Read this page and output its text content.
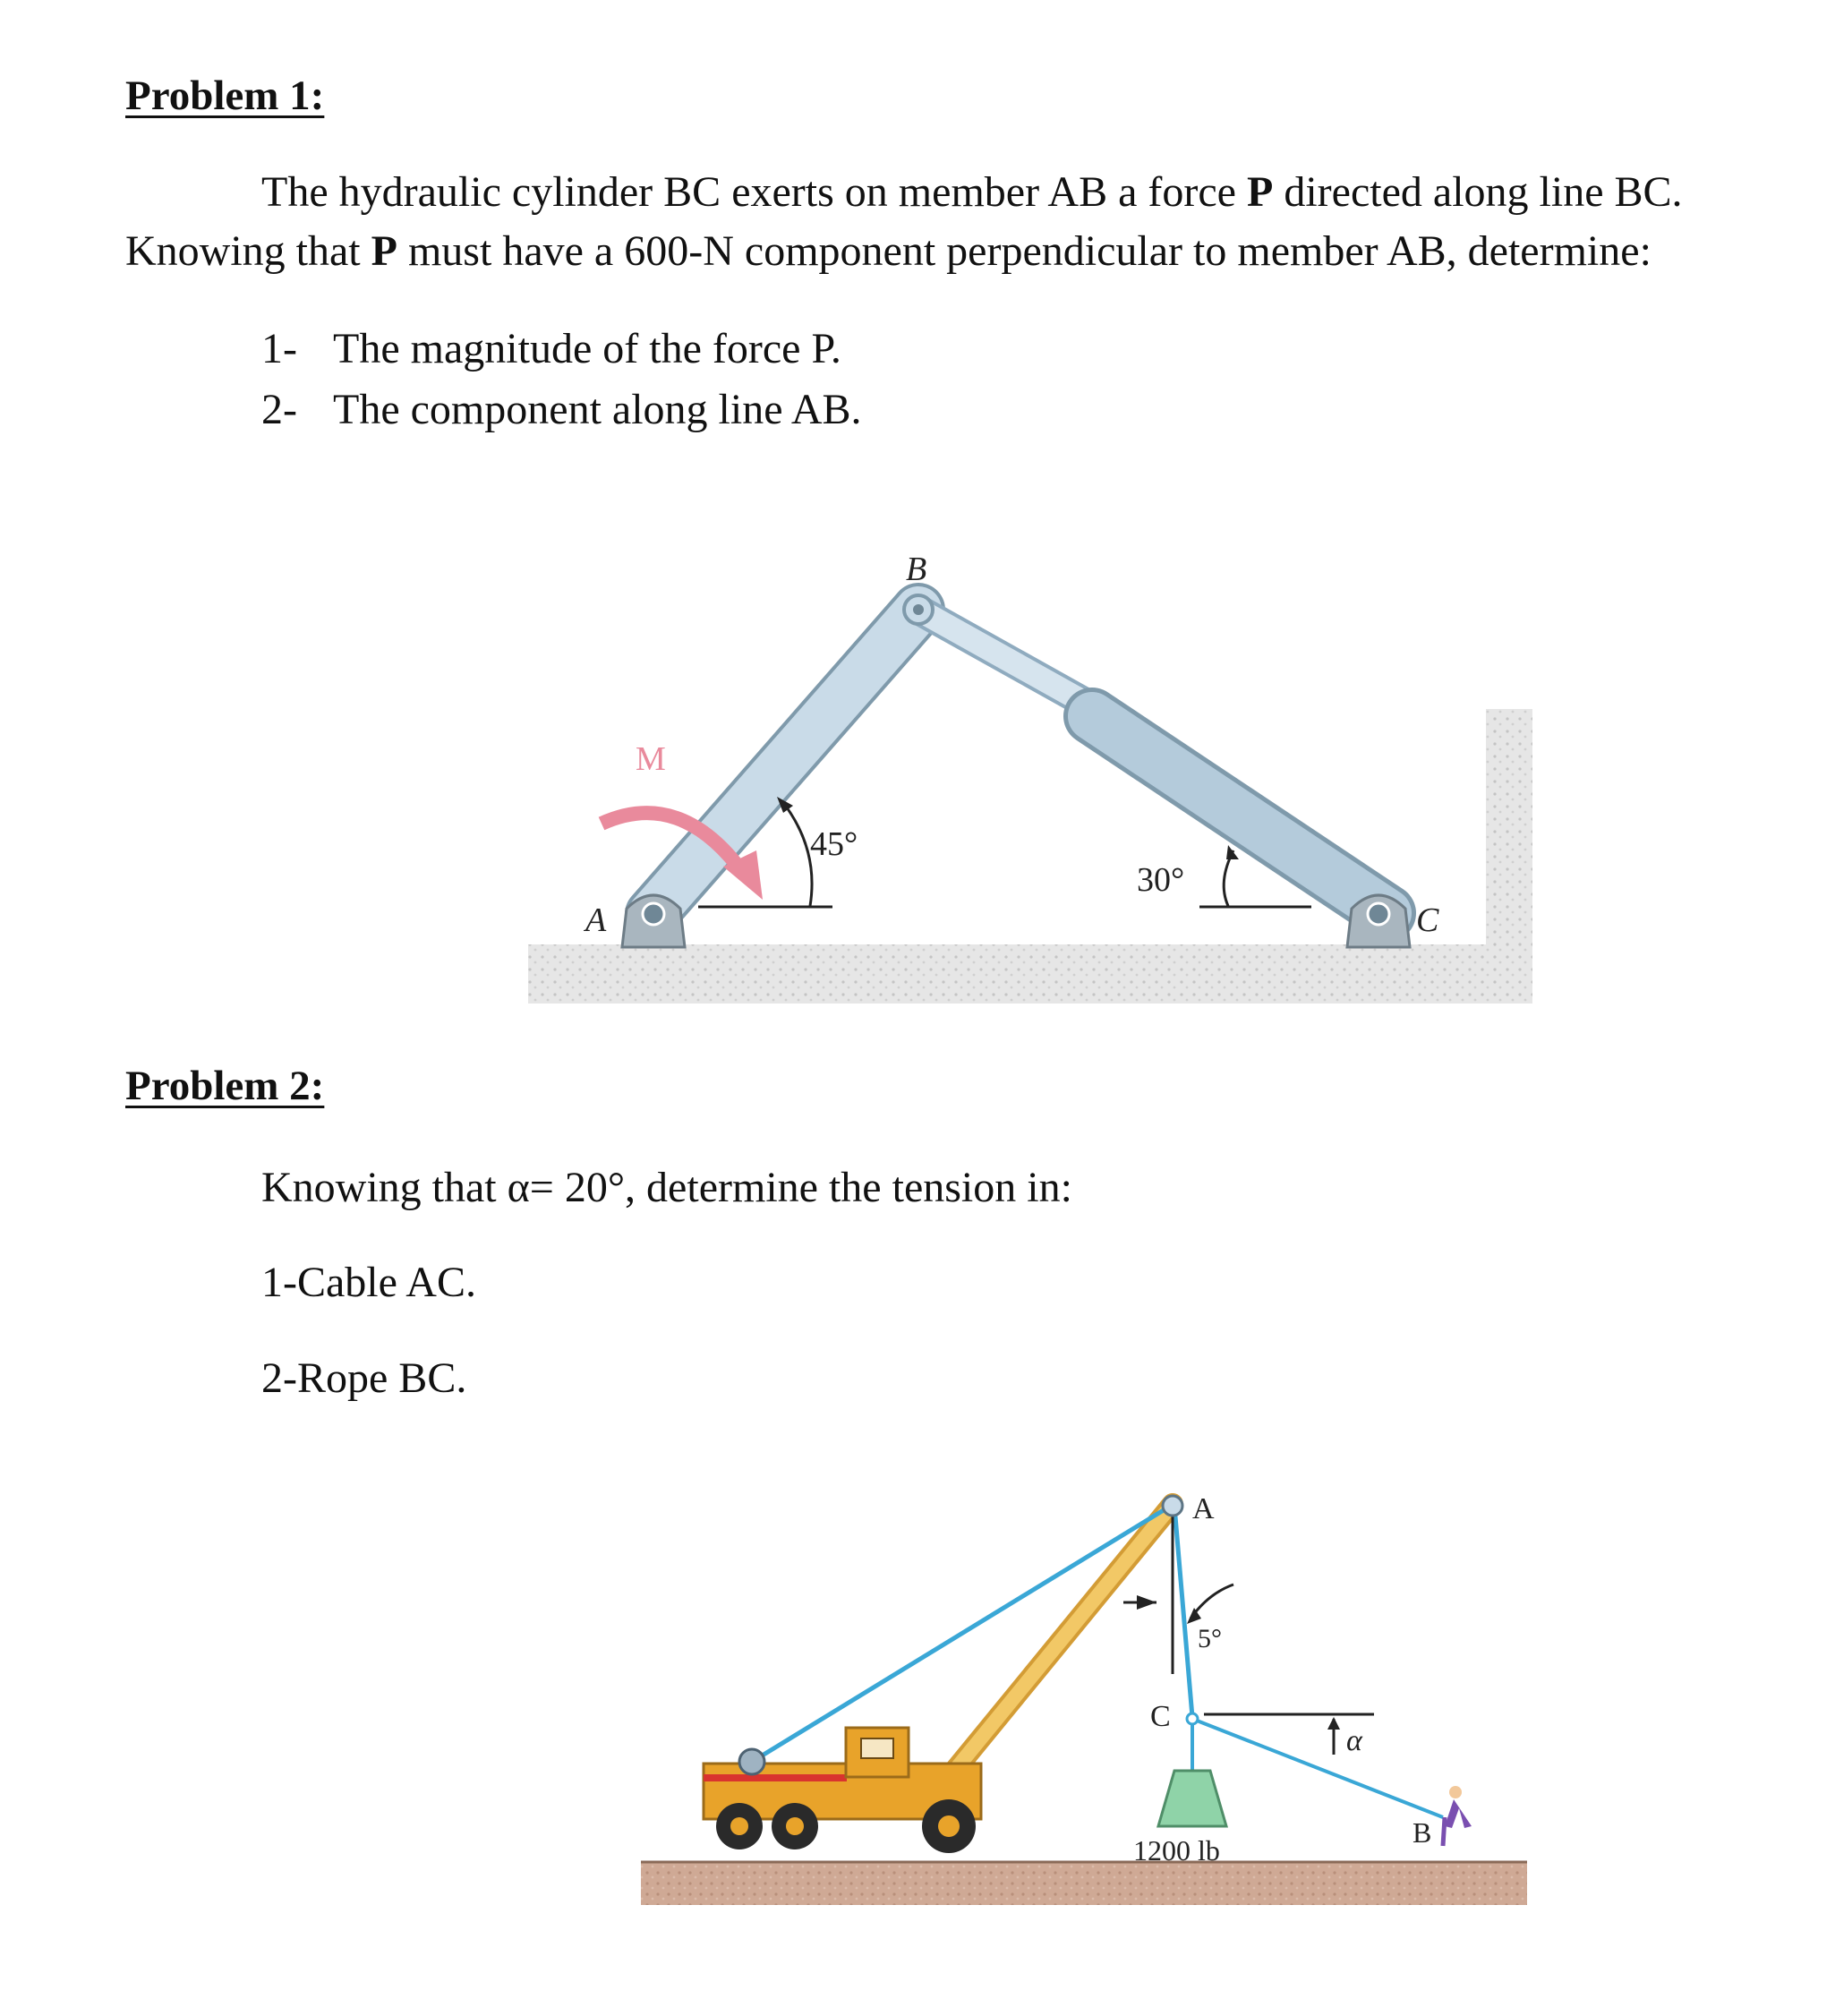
Problem 1:

The hydraulic cylinder BC exerts on member AB a force P directed along line BC. Knowing that P must have a 600-N component perpendicular to member AB, determine:

1- The magnitude of the force P.
2- The component along line AB.
B
A	C
M
45°
30°
Problem 2:

Knowing that α= 20°, determine the tension in:

1-Cable AC.

2-Rope BC.

A
C
B
α
5°
1200 lb
